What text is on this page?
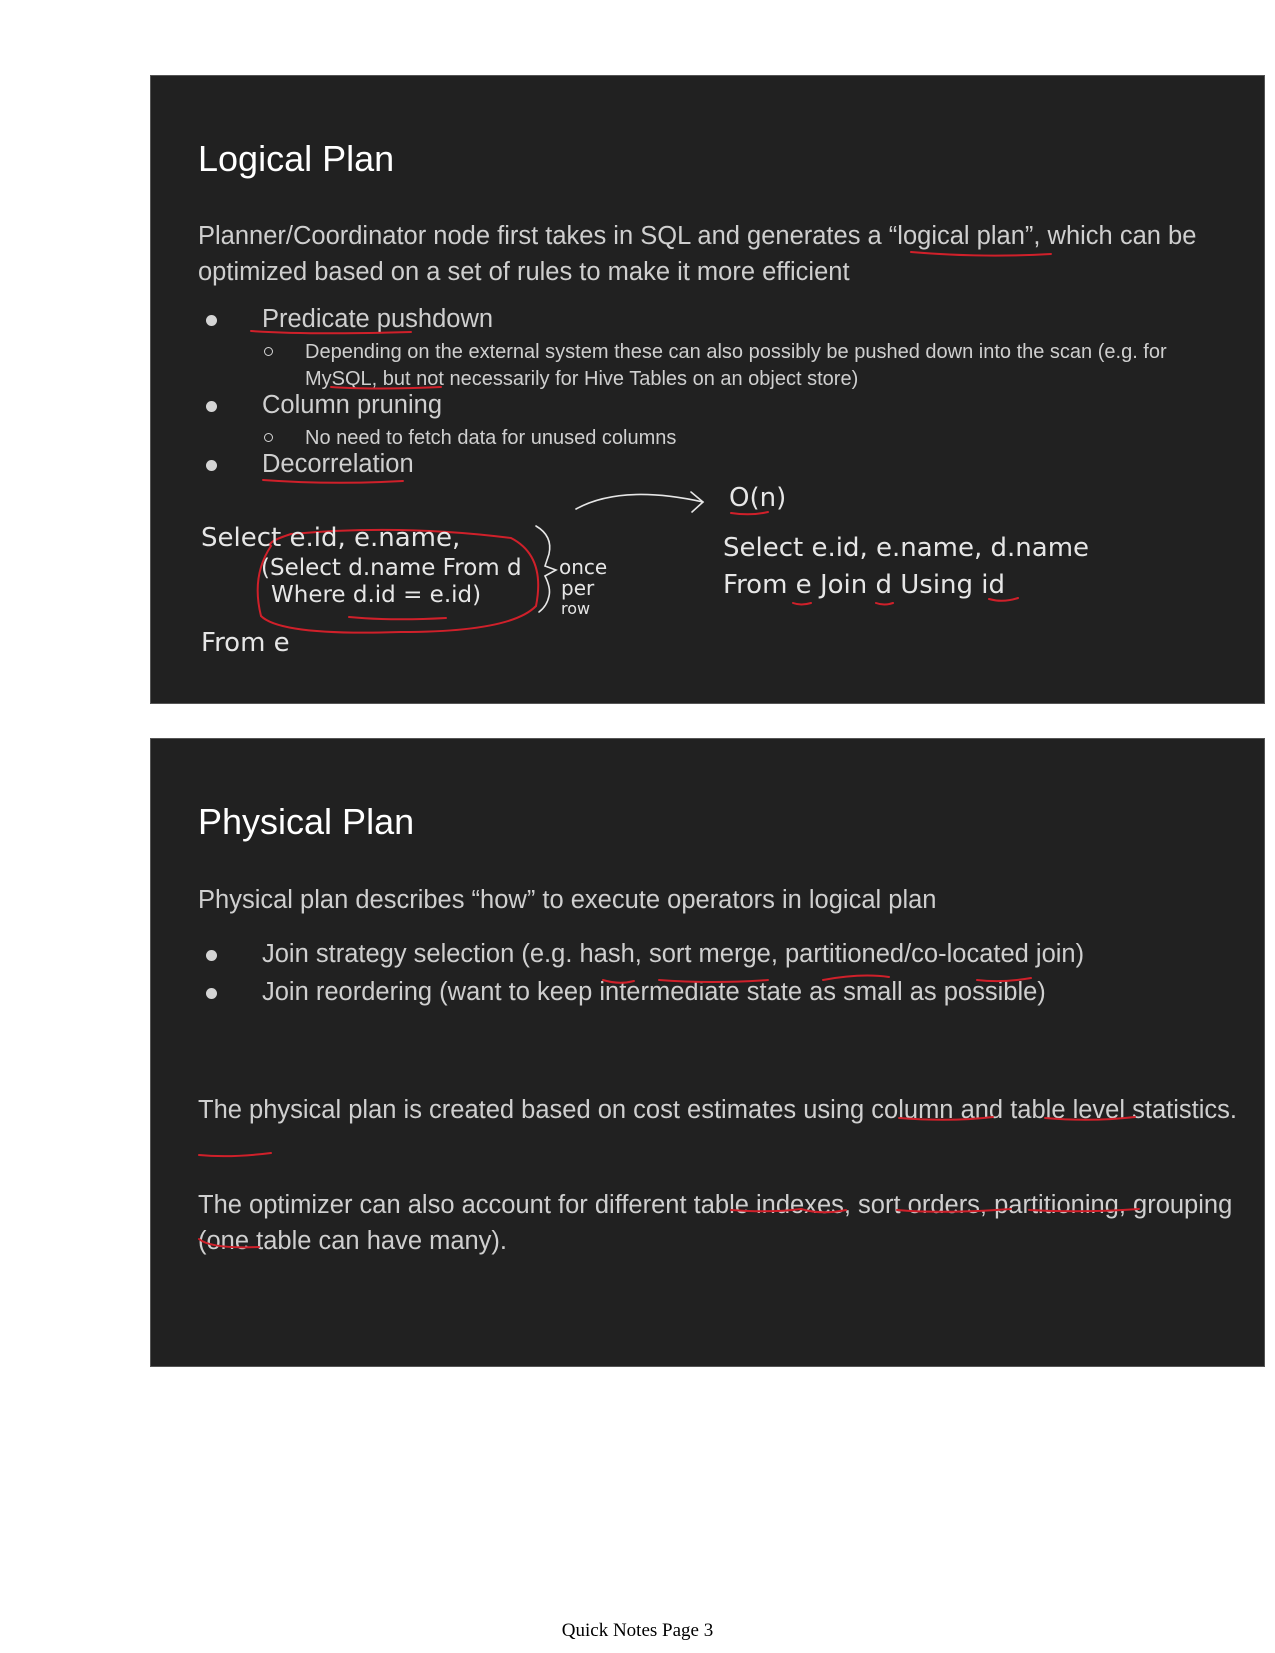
Logical Plan

Planner/Coordinator node first takes in SQL and generates a “logical plan”, which can be optimized based on a set of rules to make it more efficient

Predicate pushdown
Depending on the external system these can also possibly be pushed down into the scan (e.g. for MySQL, but not necessarily for Hive Tables on an object store)
Column pruning
No need to fetch data for unused columns
Decorrelation
Select e.id, e.name,
(Select d.name From d
Where d.id = e.id)
From e
once
per
row
O(n)
Select e.id, e.name, d.name
From e Join d Using id
Physical Plan

Physical plan describes “how” to execute operators in logical plan

Join strategy selection (e.g. hash, sort merge, partitioned/co-located join)
Join reordering (want to keep intermediate state as small as possible)

The physical plan is created based on cost estimates using column and table level statistics.

The optimizer can also account for different table indexes, sort orders, partitioning, grouping (one table can have many).

Quick Notes Page 3
